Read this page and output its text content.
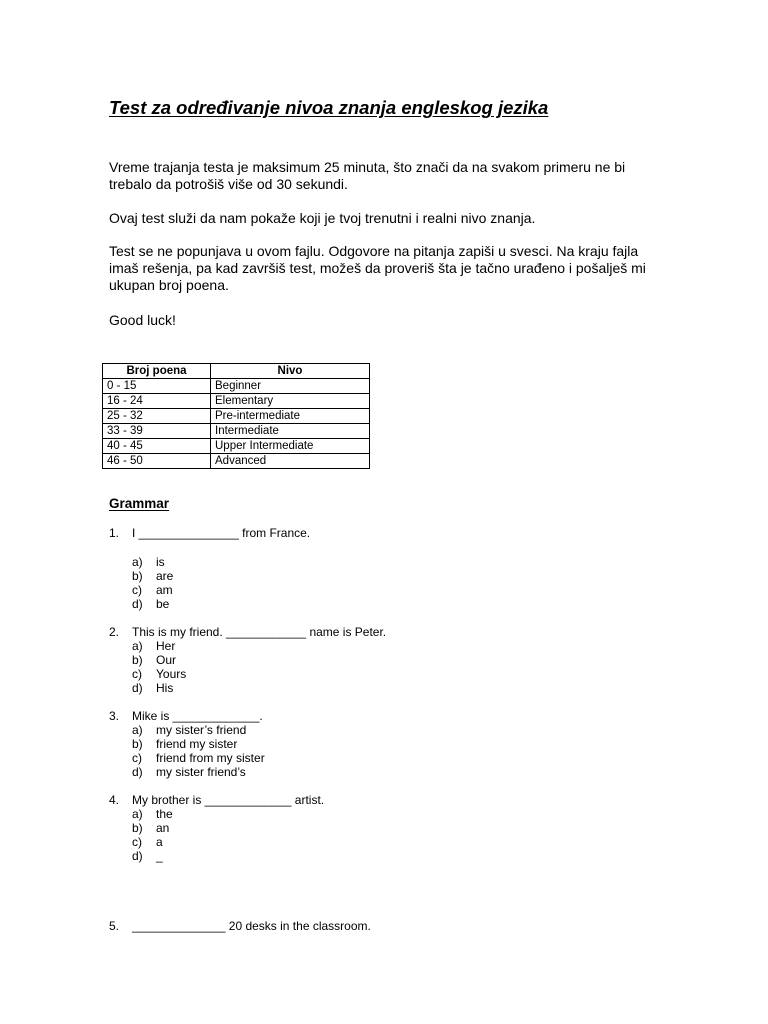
Test za određivanje nivoa znanja engleskog jezika

Vreme trajanja testa je maksimum 25 minuta, što znači da na svakom primeru ne bi trebalo da potrošiš više od 30 sekundi.

Ovaj test služi da nam pokaže koji je tvoj trenutni i realni nivo znanja.

Test se ne popunjava u ovom fajlu. Odgovore na pitanja zapiši u svesci. Na kraju fajla imaš rešenja, pa kad završiš test, možeš da proveriš šta je tačno urađeno i pošalješ mi ukupan broj poena.

Good luck!

Broj poena	Nivo
0 - 15	Beginner
16 - 24	Elementary
25 - 32	Pre-intermediate
33 - 39	Intermediate
40 - 45	Upper Intermediate
46 - 50	Advanced
Grammar
1. I _______________ from France.
a) is
b) are
c) am
d) be
2. This is my friend. ____________ name is Peter.
a) Her
b) Our
c) Yours
d) His
3. Mike is _____________.
a) my sister’s friend
b) friend my sister
c) friend from my sister
d) my sister friend’s
4. My brother is _____________ artist.
a) the
b) an
c) a
d) _
5. ______________ 20 desks in the classroom.
